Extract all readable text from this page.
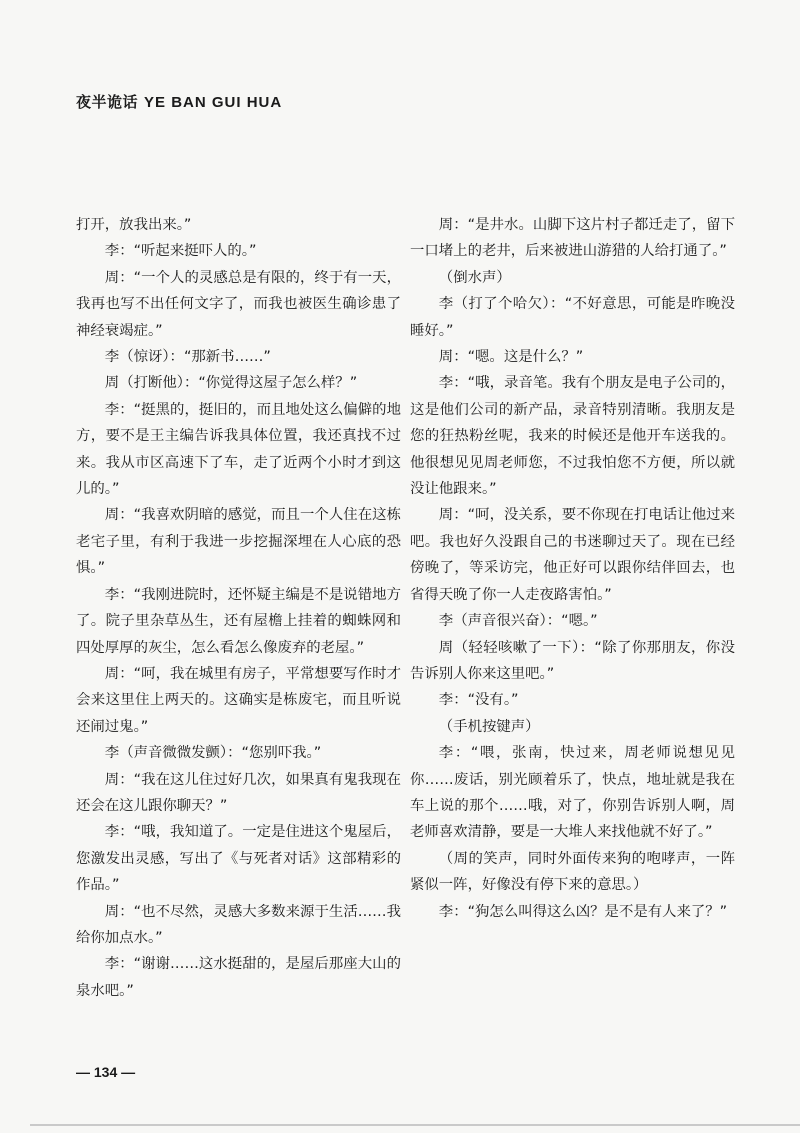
夜半诡话 YE BAN GUI HUA

打开，放我出来。”

李：“听起来挺吓人的。”

周：“一个人的灵感总是有限的，终于有一天，我再也写不出任何文字了，而我也被医生确诊患了神经衰竭症。”

李（惊讶）：“那新书……”

周（打断他）：“你觉得这屋子怎么样？”

李：“挺黑的，挺旧的，而且地处这么偏僻的地方，要不是王主编告诉我具体位置，我还真找不过来。我从市区高速下了车，走了近两个小时才到这儿的。”

周：“我喜欢阴暗的感觉，而且一个人住在这栋老宅子里，有利于我进一步挖掘深埋在人心底的恐惧。”

李：“我刚进院时，还怀疑主编是不是说错地方了。院子里杂草丛生，还有屋檐上挂着的蜘蛛网和四处厚厚的灰尘，怎么看怎么像废弃的老屋。”

周：“呵，我在城里有房子，平常想要写作时才会来这里住上两天的。这确实是栋废宅，而且听说还闹过鬼。”

李（声音微微发颤）：“您别吓我。”

周：“我在这儿住过好几次，如果真有鬼我现在还会在这儿跟你聊天？”

李：“哦，我知道了。一定是住进这个鬼屋后，您激发出灵感，写出了《与死者对话》这部精彩的作品。”

周：“也不尽然，灵感大多数来源于生活……我给你加点水。”

李：“谢谢……这水挺甜的，是屋后那座大山的泉水吧。”

周：“是井水。山脚下这片村子都迁走了，留下一口堵上的老井，后来被进山游猎的人给打通了。”

（倒水声）

李（打了个哈欠）：“不好意思，可能是昨晚没睡好。”

周：“嗯。这是什么？”

李：“哦，录音笔。我有个朋友是电子公司的，这是他们公司的新产品，录音特别清晰。我朋友是您的狂热粉丝呢，我来的时候还是他开车送我的。他很想见见周老师您，不过我怕您不方便，所以就没让他跟来。”

周：“呵，没关系，要不你现在打电话让他过来吧。我也好久没跟自己的书迷聊过天了。现在已经傍晚了，等采访完，他正好可以跟你结伴回去，也省得天晚了你一人走夜路害怕。”

李（声音很兴奋）：“嗯。”

周（轻轻咳嗽了一下）：“除了你那朋友，你没告诉别人你来这里吧。”

李：“没有。”

（手机按键声）

李：“喂，张南，快过来，周老师说想见见你……废话，别光顾着乐了，快点，地址就是我在车上说的那个……哦，对了，你别告诉别人啊，周老师喜欢清静，要是一大堆人来找他就不好了。”

（周的笑声，同时外面传来狗的咆哮声，一阵紧似一阵，好像没有停下来的意思。）

李：“狗怎么叫得这么凶？是不是有人来了？”

— 134 —
